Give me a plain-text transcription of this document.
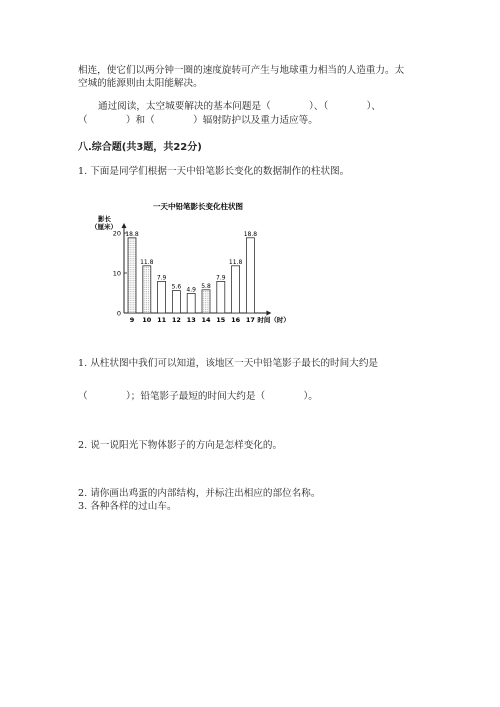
相连，使它们以两分钟一圈的速度旋转可产生与地球重力相当的人造重力。太
空城的能源则由太阳能解决。
通过阅读，太空城要解决的基本问题是（　　　　）、（　　　　）、
（　　　　）和（　　　　）辐射防护以及重力适应等。
八.综合题(共3题，共22分)
1. 下面是同学们根据一天中铅笔影长变化的数据制作的柱状图。
一天中铅笔影长变化柱状图
影长
（厘米）
0
10
20 18.8
9
11.8
10
7.9
11
5.6
12
4.9
13
5.8
14
7.9
15
11.8
16
18.8
17 时间（时）
1. 从柱状图中我们可以知道，该地区一天中铅笔影子最长的时间大约是
（　　　　）；铅笔影子最短的时间大约是（　　　　）。
2. 说一说阳光下物体影子的方向是怎样变化的。
2. 请你画出鸡蛋的内部结构，并标注出相应的部位名称。
3. 各种各样的过山车。
